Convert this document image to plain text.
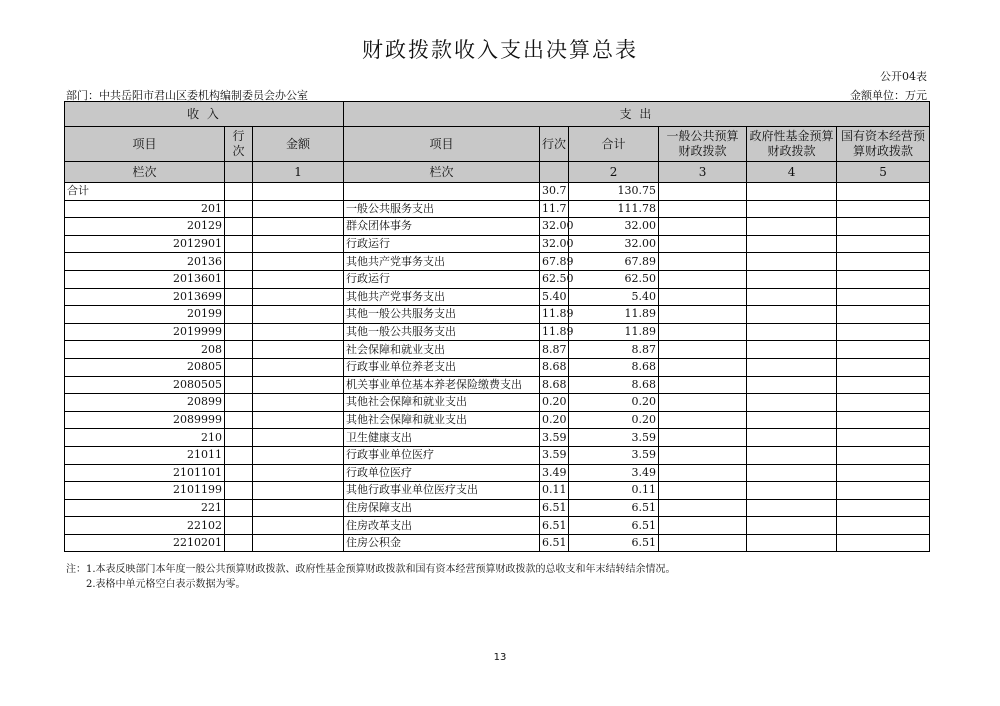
财政拨款收入支出决算总表
公开04表
部门：中共岳阳市君山区委机构编制委员会办公室	金额单位：万元
收 入			支 出					
项目	行次	金额	项目	行次	合计	一般公共预算财政拨款	政府性基金预算财政拨款	国有资本经营预算财政拨款
栏次		1	栏次		2	3	4	5
合计				30.7	130.75			
201			一般公共服务支出	11.7	111.78			
20129			群众团体事务	32.00	32.00			
2012901			行政运行	32.00	32.00			
20136			其他共产党事务支出	67.89	67.89			
2013601			行政运行	62.50	62.50			
2013699			其他共产党事务支出	5.40	5.40			
20199			其他一般公共服务支出	11.89	11.89			
2019999			其他一般公共服务支出	11.89	11.89			
208			社会保障和就业支出	8.87	8.87			
20805			行政事业单位养老支出	8.68	8.68			
2080505			机关事业单位基本养老保险缴费支出	8.68	8.68			
20899			其他社会保障和就业支出	0.20	0.20			
2089999			其他社会保障和就业支出	0.20	0.20			
210			卫生健康支出	3.59	3.59			
21011			行政事业单位医疗	3.59	3.59			
2101101			行政单位医疗	3.49	3.49			
2101199			其他行政事业单位医疗支出	0.11	0.11			
221			住房保障支出	6.51	6.51			
22102			住房改革支出	6.51	6.51			
2210201			住房公积金	6.51	6.51			
注：1.本表反映部门本年度一般公共预算财政拨款、政府性基金预算财政拨款和国有资本经营预算财政拨款的总收支和年末结转结余情况。
2.表格中单元格空白表示数据为零。
13
